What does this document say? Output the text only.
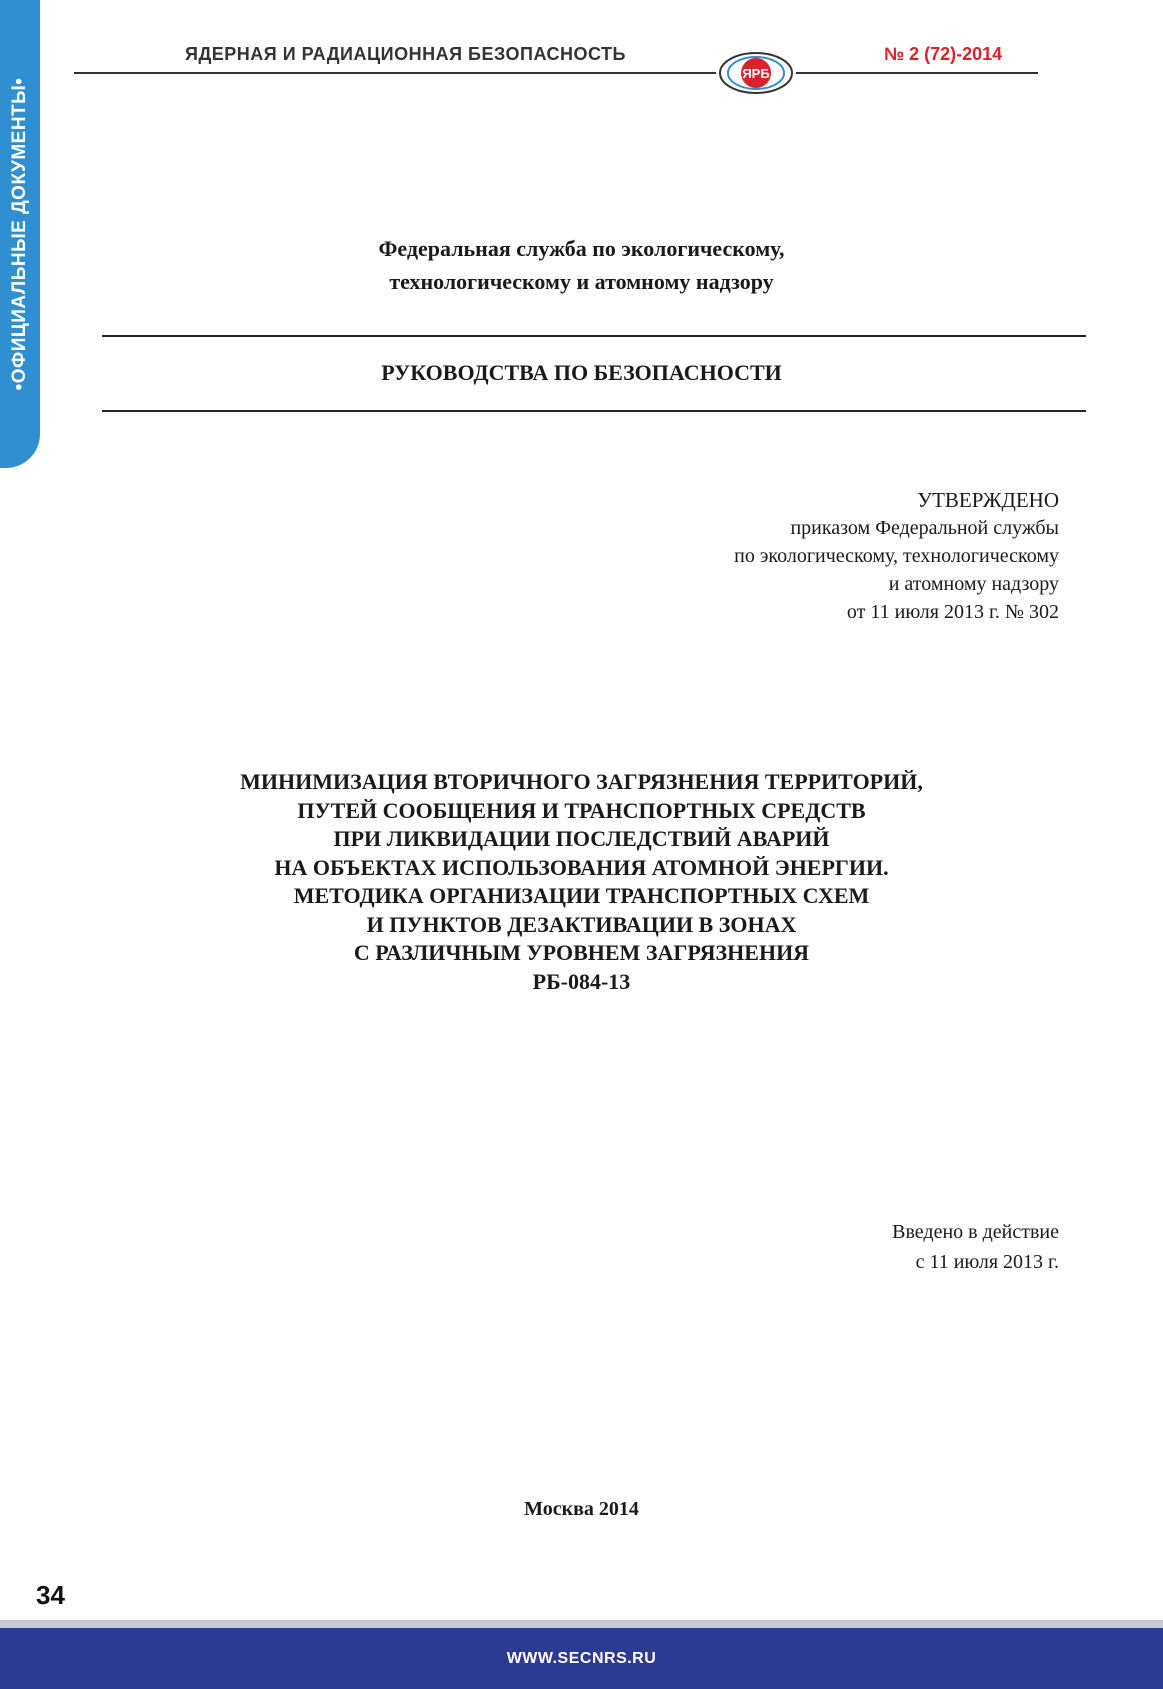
•ОФИЦИАЛЬНЫЕ ДОКУМЕНТЫ•
ЯДЕРНАЯ И РАДИАЦИОННАЯ БЕЗОПАСНОСТЬ
ЯРБ
№ 2 (72)-2014
Федеральная служба по экологическому,
технологическому и атомному надзору
РУКОВОДСТВА ПО БЕЗОПАСНОСТИ
УТВЕРЖДЕНО
приказом Федеральной службы
по экологическому, технологическому
и атомному надзору
от 11 июля 2013 г. № 302
МИНИМИЗАЦИЯ ВТОРИЧНОГО ЗАГРЯЗНЕНИЯ ТЕРРИТОРИЙ,
ПУТЕЙ СООБЩЕНИЯ И ТРАНСПОРТНЫХ СРЕДСТВ
ПРИ ЛИКВИДАЦИИ ПОСЛЕДСТВИЙ АВАРИЙ
НА ОБЪЕКТАХ ИСПОЛЬЗОВАНИЯ АТОМНОЙ ЭНЕРГИИ.
МЕТОДИКА ОРГАНИЗАЦИИ ТРАНСПОРТНЫХ СХЕМ
И ПУНКТОВ ДЕЗАКТИВАЦИИ В ЗОНАХ
С РАЗЛИЧНЫМ УРОВНЕМ ЗАГРЯЗНЕНИЯ
РБ-084-13
Введено в действие
с 11 июля 2013 г.
Москва 2014
34
WWW.SECNRS.RU
